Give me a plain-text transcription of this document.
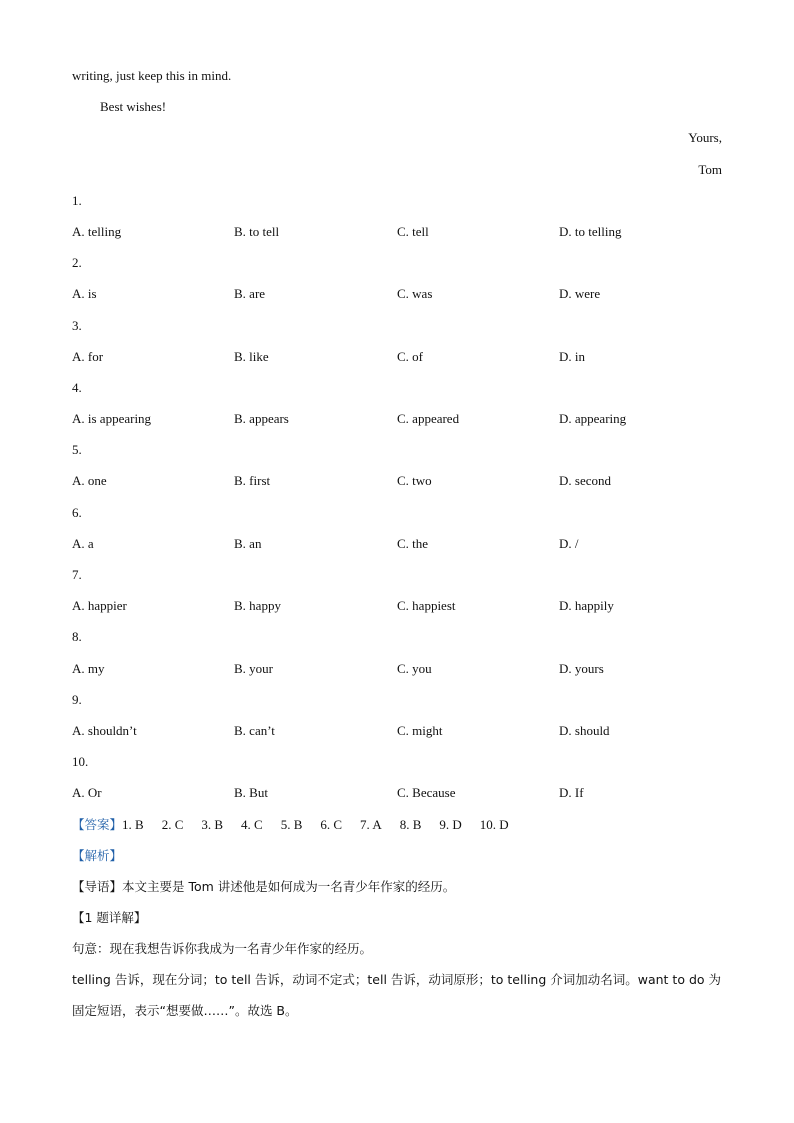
writing, just keep this in mind.
Best wishes!
Yours,
Tom
1.
A. telling	B. to tell	C. tell	D. to telling
2.
A. is	B. are	C. was	D. were
3.
A. for	B. like	C. of	D. in
4.
A. is appearing	B. appears	C. appeared	D. appearing
5.
A. one	B. first	C. two	D. second
6.
A. a	B. an	C. the	D. /
7.
A. happier	B. happy	C. happiest	D. happily
8.
A. my	B. your	C. you	D. yours
9.
A. shouldn’t	B. can’t	C. might	D. should
10.
A. Or	B. But	C. Because	D. If
【答案】1. B 2. C 3. B 4. C 5. B 6. C 7. A 8. B 9. D 10. D
【解析】
【导语】本文主要是 Tom 讲述他是如何成为一名青少年作家的经历。
【1 题详解】
句意：现在我想告诉你我成为一名青少年作家的经历。
telling 告诉，现在分词；to tell 告诉，动词不定式；tell 告诉，动词原形；to telling 介词加动名词。want to do 为固定短语，表示“想要做……”。故选 B。
